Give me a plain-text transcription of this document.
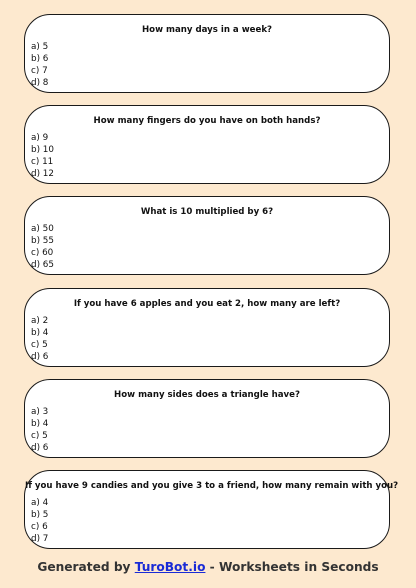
How many days in a week?
a) 5
b) 6
c) 7
d) 8
How many fingers do you have on both hands?
a) 9
b) 10
c) 11
d) 12
What is 10 multiplied by 6?
a) 50
b) 55
c) 60
d) 65
If you have 6 apples and you eat 2, how many are left?
a) 2
b) 4
c) 5
d) 6
How many sides does a triangle have?
a) 3
b) 4
c) 5
d) 6
If you have 9 candies and you give 3 to a friend, how many remain with you?
a) 4
b) 5
c) 6
d) 7
Generated by TuroBot.io - Worksheets in Seconds
